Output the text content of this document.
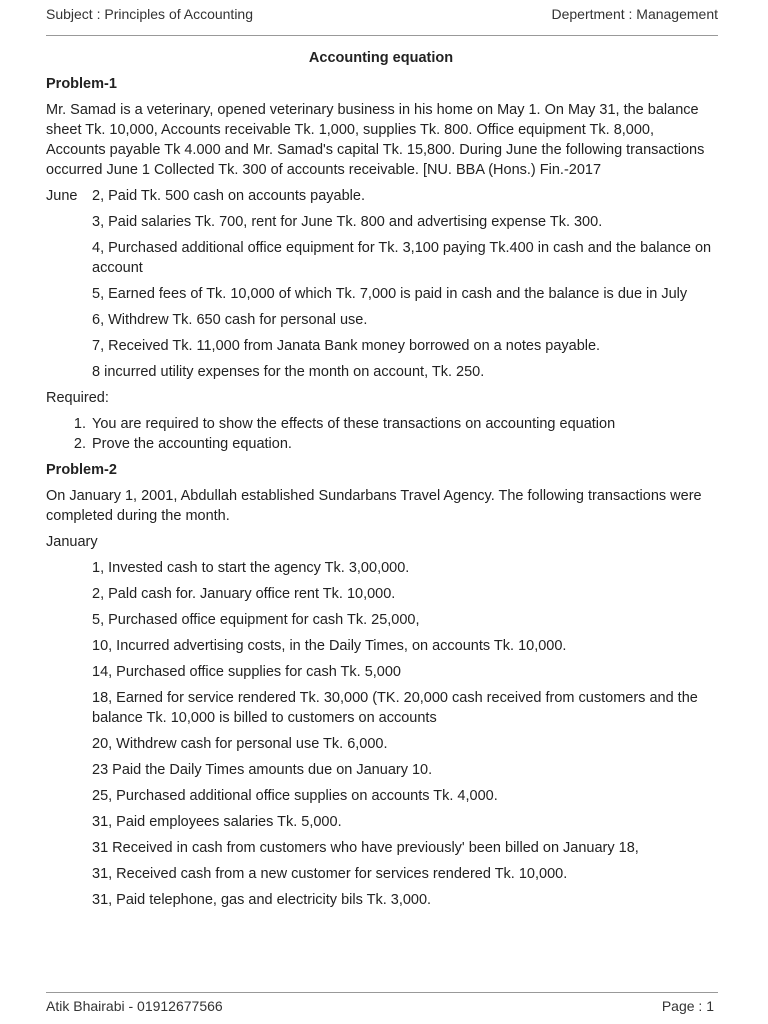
Subject : Principles of Accounting	Depertment : Management
Accounting equation
Problem-1

Mr. Samad is a veterinary, opened veterinary business in his home on May 1. On May 31, the balance sheet Tk. 10,000, Accounts receivable Tk. 1,000, supplies Tk. 800. Office equipment Tk. 8,000, Accounts payable Tk 4.000 and Mr. Samad's capital Tk. 15,800. During June the following transactions occurred June 1 Collected Tk. 300 of accounts receivable. [NU. BBA (Hons.) Fin.-2017

June	2, Paid Tk. 500 cash on accounts payable.
3, Paid salaries Tk. 700, rent for June Tk. 800 and advertising expense Tk. 300.
4, Purchased additional office equipment for Tk. 3,100 paying Tk.400 in cash and the balance on account
5, Earned fees of Tk. 10,000 of which Tk. 7,000 is paid in cash and the balance is due in July
6, Withdrew Tk. 650 cash for personal use.
7, Received Tk. 11,000 from Janata Bank money borrowed on a notes payable.
8 incurred utility expenses for the month on account, Tk. 250.

Required:

1. You are required to show the effects of these transactions on accounting equation
2. Prove the accounting equation.
Problem-2

On January 1, 2001, Abdullah established Sundarbans Travel Agency. The following transactions were completed during the month.

January

1, Invested cash to start the agency Tk. 3,00,000.
2, Pald cash for. January office rent Tk. 10,000.
5, Purchased office equipment for cash Tk. 25,000,
10, Incurred advertising costs, in the Daily Times, on accounts Tk. 10,000.
14, Purchased office supplies for cash Tk. 5,000
18, Earned for service rendered Tk. 30,000 (TK. 20,000 cash received from customers and the balance Tk. 10,000 is billed to customers on accounts
20, Withdrew cash for personal use Tk. 6,000.
23 Paid the Daily Times amounts due on January 10.
25, Purchased additional office supplies on accounts Tk. 4,000.
31, Paid employees salaries Tk. 5,000.
31 Received in cash from customers who have previously' been billed on January 18,
31, Received cash from a new customer for services rendered Tk. 10,000.
31, Paid telephone, gas and electricity bils Tk. 3,000.
Atik Bhairabi - 01912677566	Page : 1
